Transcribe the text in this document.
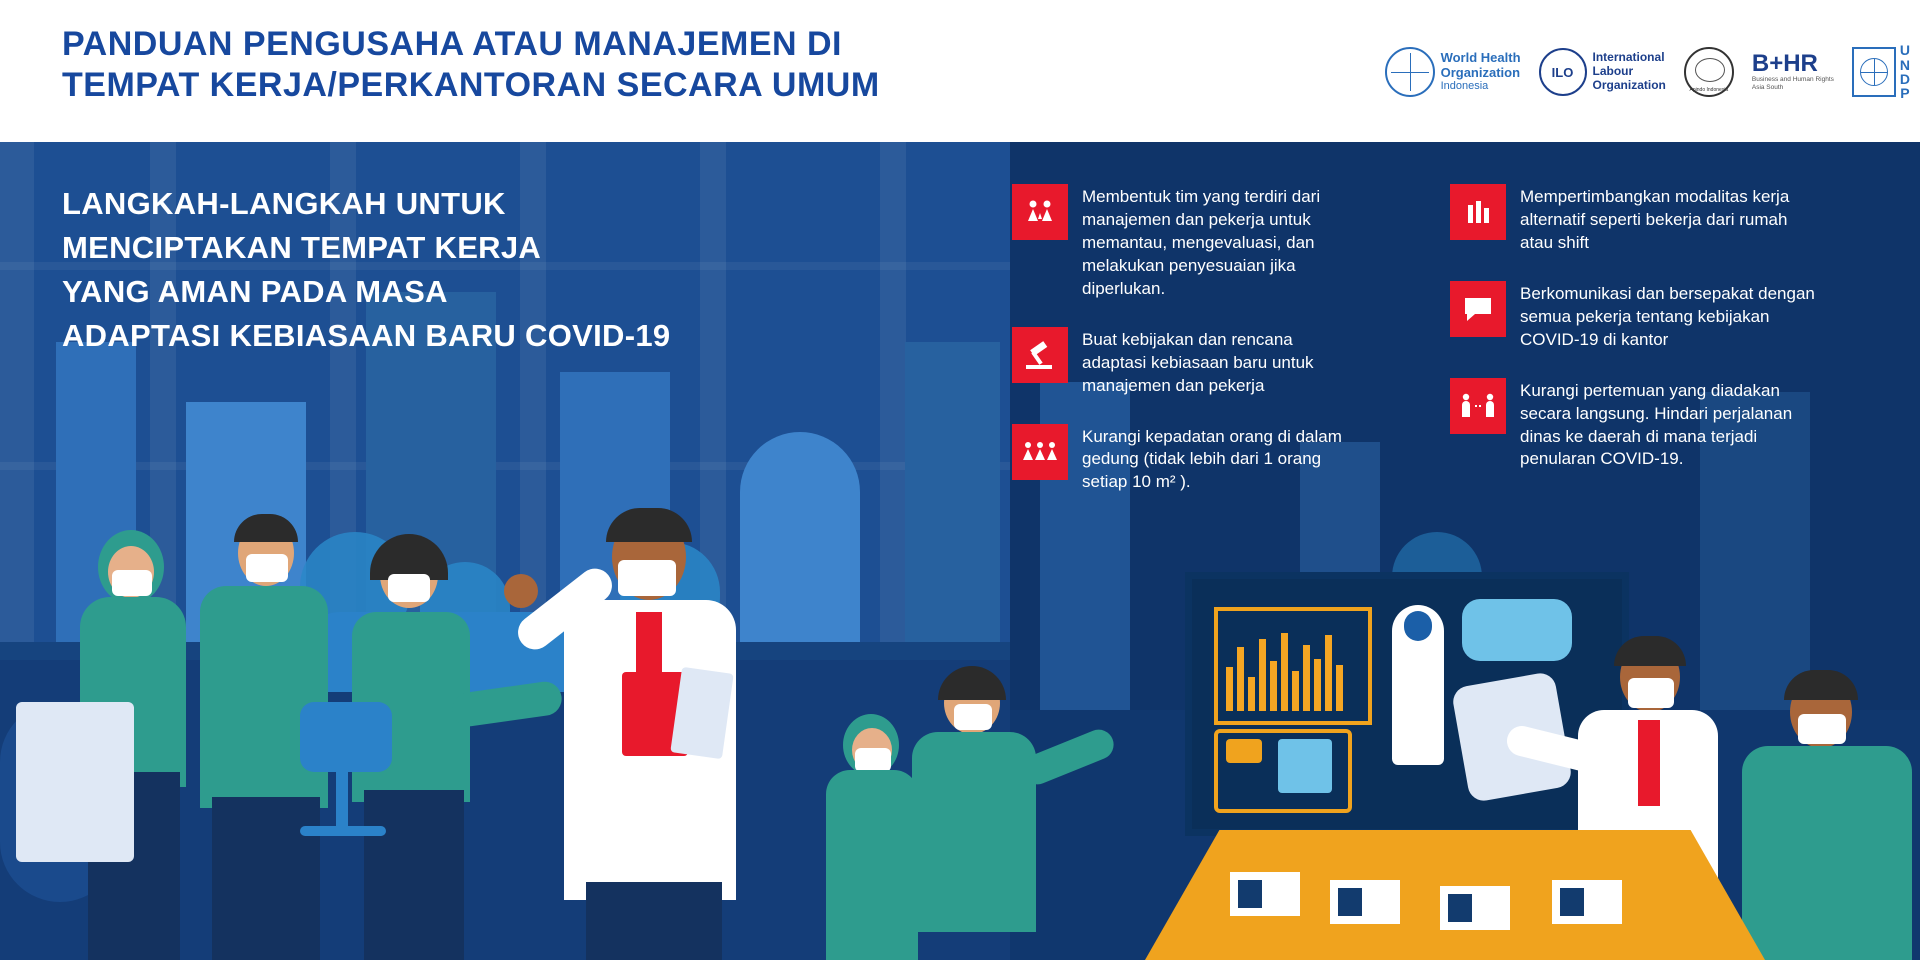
PANDUAN PENGUSAHA ATAU MANAJEMEN DI
TEMPAT KERJA/PERKANTORAN SECARA UMUM
World Health
Organization
Indonesia
ILO
International
Labour
Organization	Apindo Indonesia
B+HR
Business and Human Rights
Asia South
U
N
D
P
Membentuk tim yang terdiri dari manajemen dan pekerja untuk memantau, mengevaluasi, dan melakukan penyesuaian jika diperlukan.
Buat kebijakan dan rencana adaptasi kebiasaan baru untuk manajemen dan pekerja
Kurangi kepadatan orang di dalam gedung (tidak lebih dari 1 orang setiap 10 m² ).
Mempertimbangkan modalitas kerja alternatif seperti bekerja dari rumah atau shift
Berkomunikasi dan bersepakat dengan semua pekerja tentang kebijakan COVID-19 di kantor
Kurangi pertemuan yang diadakan secara langsung. Hindari perjalanan dinas ke daerah di mana terjadi penularan COVID-19.
LANGKAH-LANGKAH UNTUK
MENCIPTAKAN TEMPAT KERJA
YANG AMAN PADA MASA
ADAPTASI KEBIASAAN BARU COVID-19
